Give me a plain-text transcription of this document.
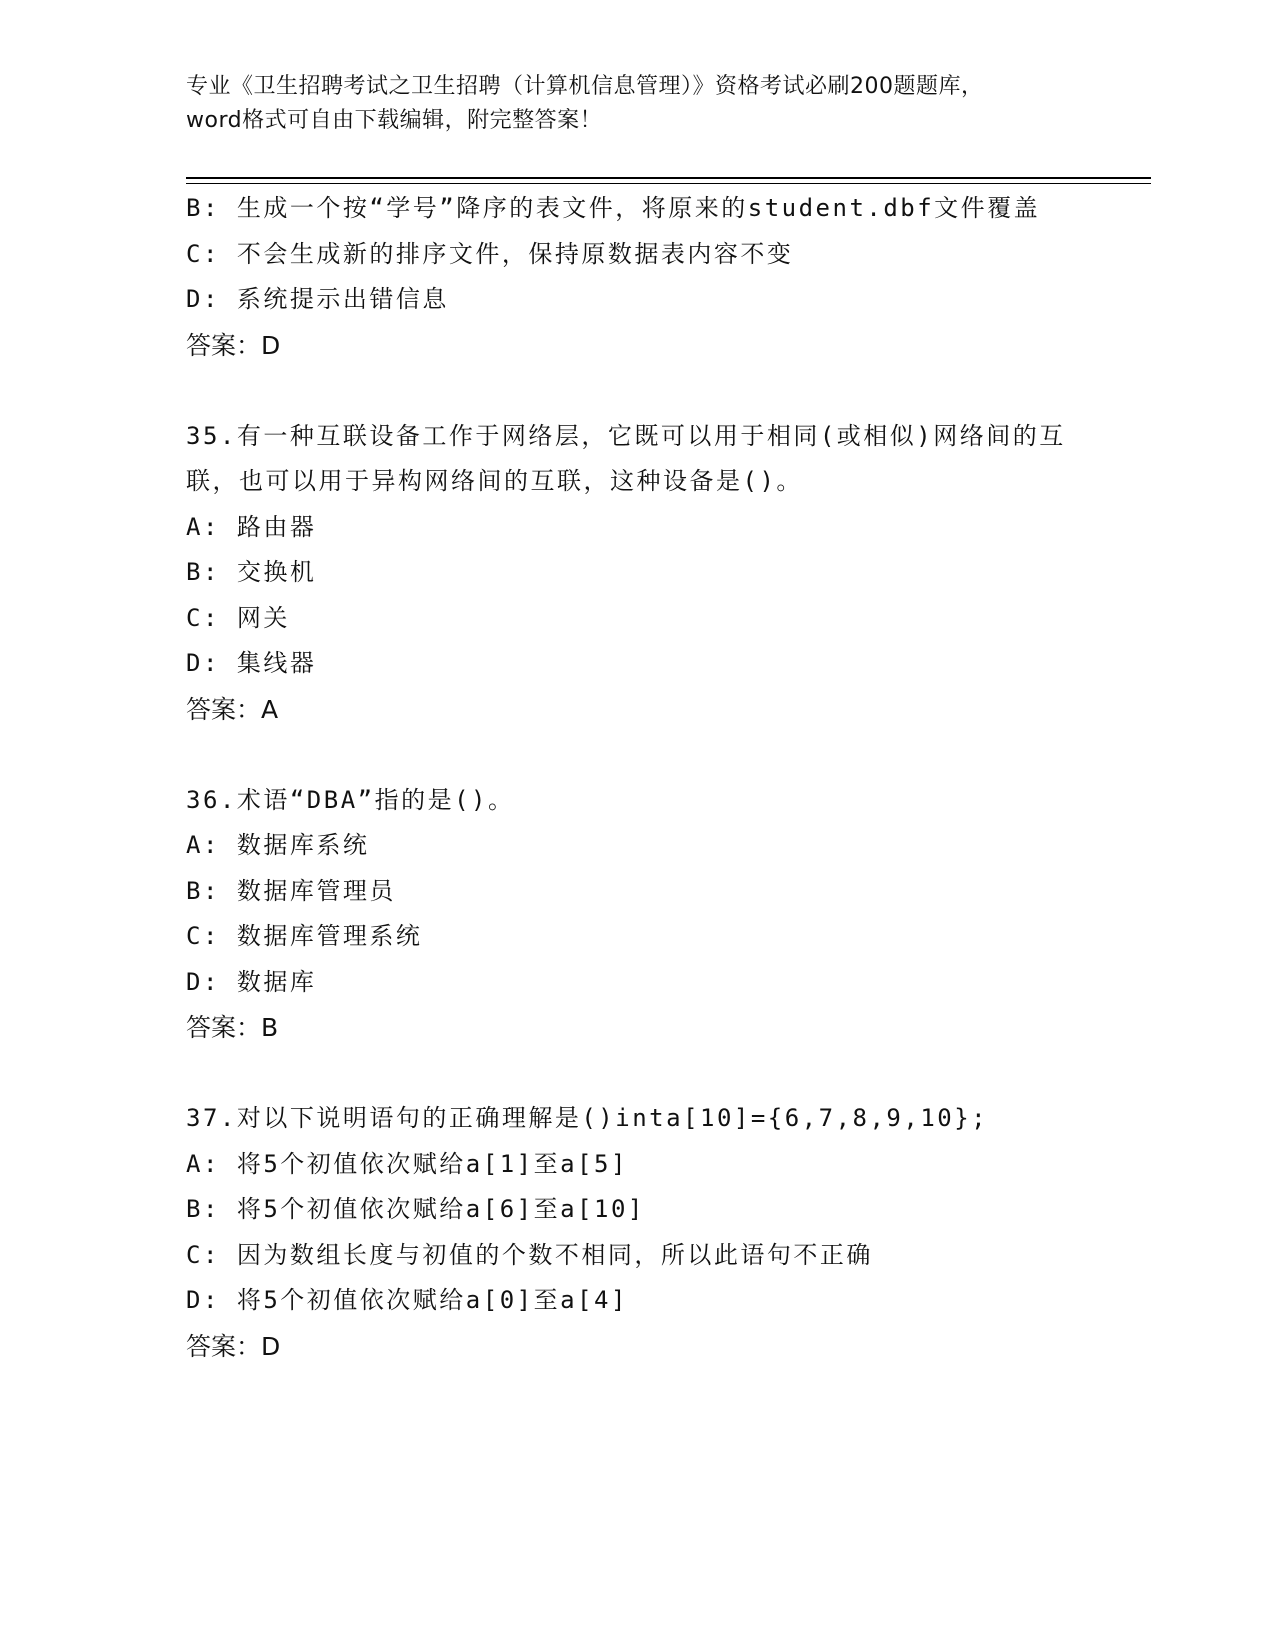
专业《卫生招聘考试之卫生招聘（计算机信息管理）》资格考试必刷200题题库，
word格式可自由下载编辑，附完整答案！
B: 生成一个按“学号”降序的表文件，将原来的student.dbf文件覆盖
C: 不会生成新的排序文件，保持原数据表内容不变
D: 系统提示出错信息
答案：D
35.有一种互联设备工作于网络层，它既可以用于相同(或相似)网络间的互联，也可以用于异构网络间的互联，这种设备是()。
A: 路由器
B: 交换机
C: 网关
D: 集线器
答案：A
36.术语“DBA”指的是()。
A: 数据库系统
B: 数据库管理员
C: 数据库管理系统
D: 数据库
答案：B
37.对以下说明语句的正确理解是()inta[10]={6,7,8,9,10};
A: 将5个初值依次赋给a[1]至a[5]
B: 将5个初值依次赋给a[6]至a[10]
C: 因为数组长度与初值的个数不相同，所以此语句不正确
D: 将5个初值依次赋给a[0]至a[4]
答案：D
